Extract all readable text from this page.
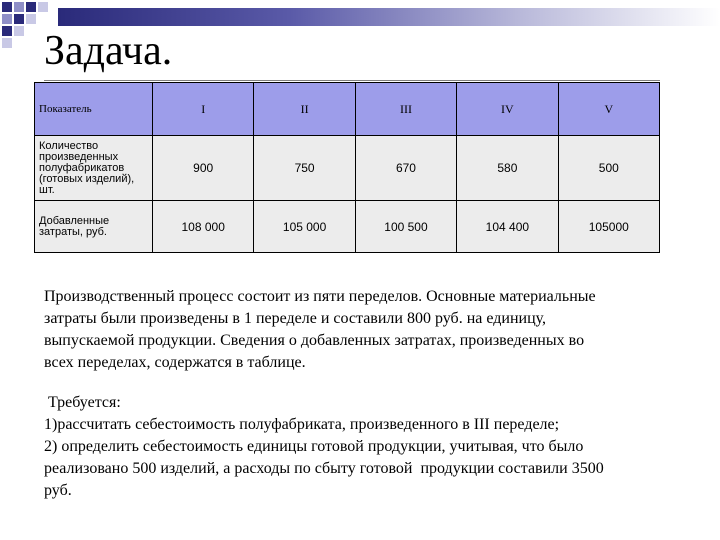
Задача.
Показатель	I	II	III	IV	V
Количество произведенных полуфабрикатов (готовых изделий), шт.	900	750	670	580	500
Добавленные затраты, руб.	108 000	105 000	100 500	104 400	105000
Производственный процесс состоит из пяти переделов. Основные материальные
затраты были произведены в 1 переделе и составили 800 руб. на единицу,
выпускаемой продукции. Сведения о добавленных затратах, произведенных во
всех переделах, содержатся в таблице.
Требуется:
1)рассчитать себестоимость полуфабриката, произведенного в III переделе;
2) определить себестоимость единицы готовой продукции, учитывая, что было
реализовано 500 изделий, а расходы по сбыту готовой  продукции составили 3500
руб.
